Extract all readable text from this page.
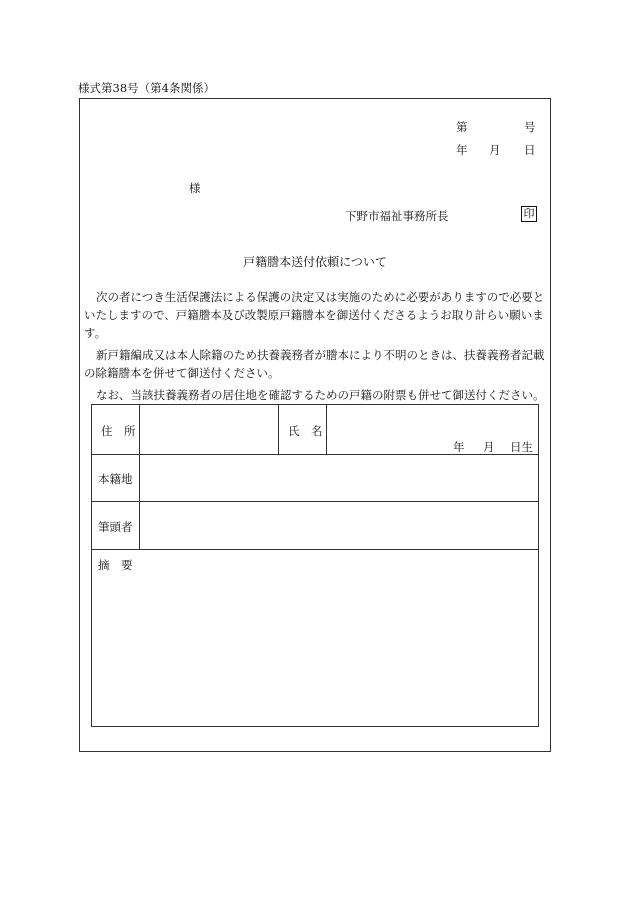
様式第38号（第4条関係）
第	号
年 月 日
様
下野市福祉事務所長	印
戸籍謄本送付依頼について
次の者につき生活保護法による保護の決定又は実施のために必要がありますので必要といたしますので、戸籍謄本及び改製原戸籍謄本を御送付くださるようお取り計らい願います。
新戸籍編成又は本人除籍のため扶養義務者が謄本により不明のときは、扶養義務者記載の除籍謄本を併せて御送付ください。
なお、当該扶養義務者の居住地を確認するための戸籍の附票も併せて御送付ください。
住　所	氏　名
年 月 日生
本籍地
筆頭者
摘　要
